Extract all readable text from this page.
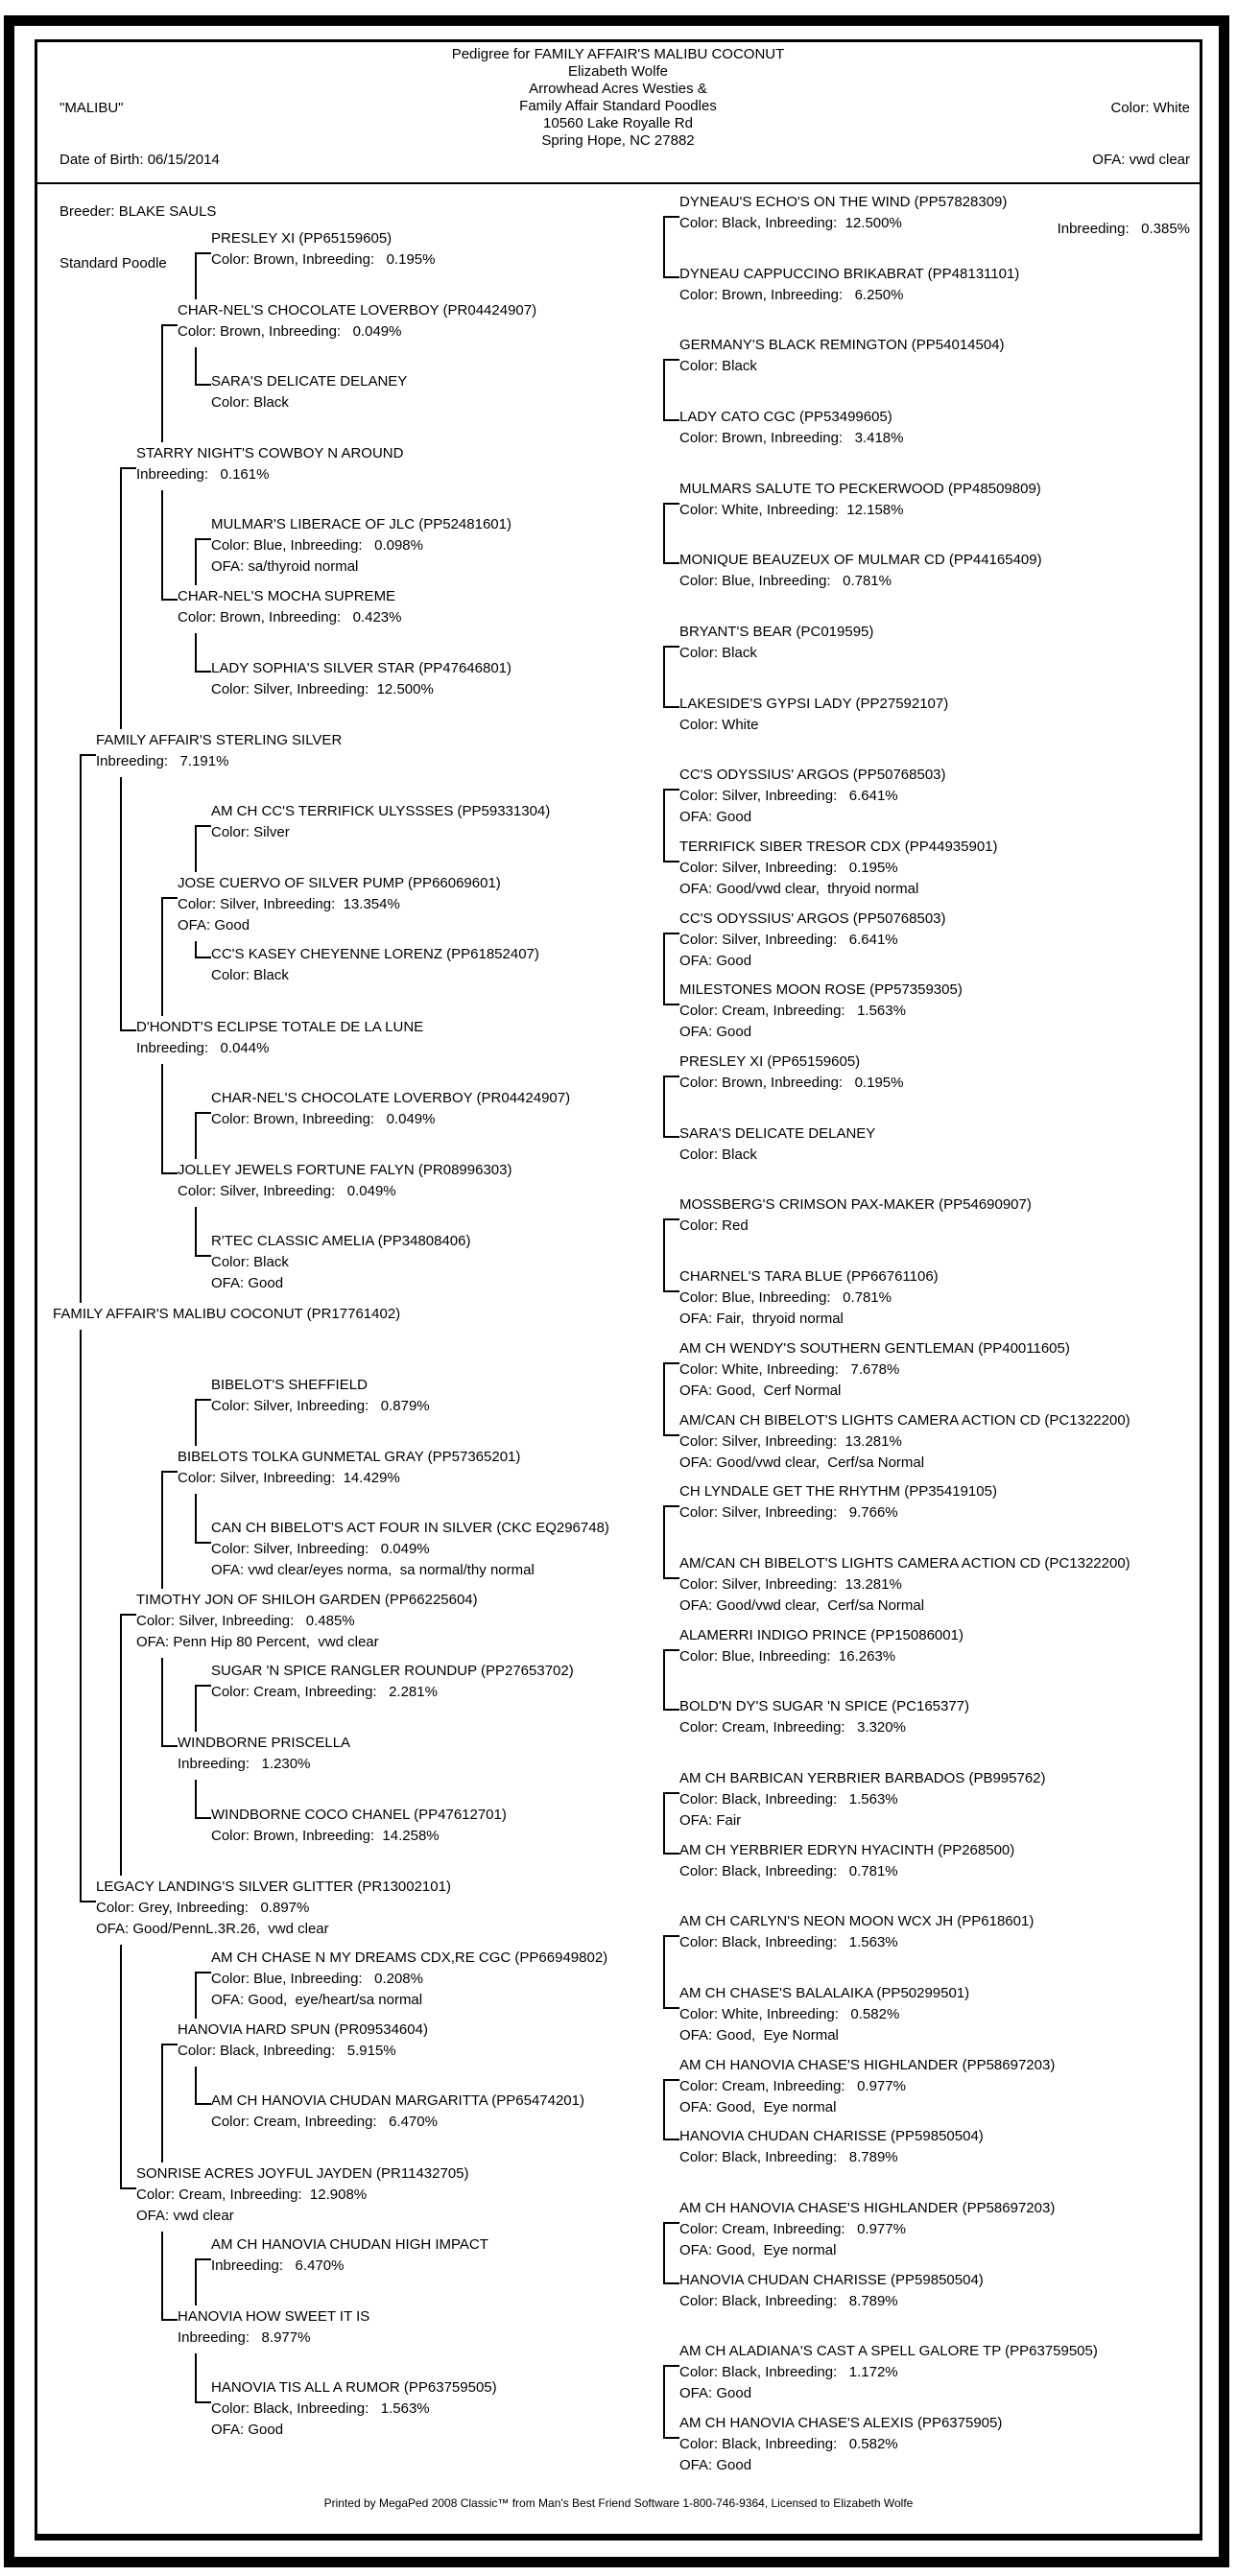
Pedigree for FAMILY AFFAIR'S MALIBU COCONUT
Elizabeth Wolfe
Arrowhead Acres Westies &
Family Affair Standard Poodles
10560 Lake Royalle Rd
Spring Hope, NC 27882

"MALIBU"

Date of Birth: 06/15/2014

Breeder: BLAKE SAULS

Standard Poodle

Color: White

OFA: vwd clear

Inbreeding:   0.385%

DYNEAU'S ECHO'S ON THE WIND (PP57828309)
Color: Black, Inbreeding:  12.500%
DYNEAU CAPPUCCINO BRIKABRAT (PP48131101)
Color: Brown, Inbreeding:   6.250%
GERMANY'S BLACK REMINGTON (PP54014504)
Color: Black
LADY CATO CGC (PP53499605)
Color: Brown, Inbreeding:   3.418%
MULMARS SALUTE TO PECKERWOOD (PP48509809)
Color: White, Inbreeding:  12.158%
MONIQUE BEAUZEUX OF MULMAR CD (PP44165409)
Color: Blue, Inbreeding:   0.781%
BRYANT'S BEAR (PC019595)
Color: Black
LAKESIDE'S GYPSI LADY (PP27592107)
Color: White
CC'S ODYSSIUS' ARGOS (PP50768503)
Color: Silver, Inbreeding:   6.641%
OFA: Good
TERRIFICK SIBER TRESOR CDX (PP44935901)
Color: Silver, Inbreeding:   0.195%
OFA: Good/vwd clear,  thryoid normal
CC'S ODYSSIUS' ARGOS (PP50768503)
Color: Silver, Inbreeding:   6.641%
OFA: Good
MILESTONES MOON ROSE (PP57359305)
Color: Cream, Inbreeding:   1.563%
OFA: Good
PRESLEY XI (PP65159605)
Color: Brown, Inbreeding:   0.195%
SARA'S DELICATE DELANEY
Color: Black
MOSSBERG'S CRIMSON PAX-MAKER (PP54690907)
Color: Red
CHARNEL'S TARA BLUE (PP66761106)
Color: Blue, Inbreeding:   0.781%
OFA: Fair,  thryoid normal
AM CH WENDY'S SOUTHERN GENTLEMAN (PP40011605)
Color: White, Inbreeding:   7.678%
OFA: Good,  Cerf Normal
AM/CAN CH BIBELOT'S LIGHTS CAMERA ACTION CD (PC1322200)
Color: Silver, Inbreeding:  13.281%
OFA: Good/vwd clear,  Cerf/sa Normal
CH LYNDALE GET THE RHYTHM (PP35419105)
Color: Silver, Inbreeding:   9.766%
AM/CAN CH BIBELOT'S LIGHTS CAMERA ACTION CD (PC1322200)
Color: Silver, Inbreeding:  13.281%
OFA: Good/vwd clear,  Cerf/sa Normal
ALAMERRI INDIGO PRINCE (PP15086001)
Color: Blue, Inbreeding:  16.263%
BOLD'N DY'S SUGAR 'N SPICE (PC165377)
Color: Cream, Inbreeding:   3.320%
AM CH BARBICAN YERBRIER BARBADOS (PB995762)
Color: Black, Inbreeding:   1.563%
OFA: Fair
AM CH YERBRIER EDRYN HYACINTH (PP268500)
Color: Black, Inbreeding:   0.781%
AM CH CARLYN'S NEON MOON WCX JH (PP618601)
Color: Black, Inbreeding:   1.563%
AM CH CHASE'S BALALAIKA (PP50299501)
Color: White, Inbreeding:   0.582%
OFA: Good,  Eye Normal
AM CH HANOVIA CHASE'S HIGHLANDER (PP58697203)
Color: Cream, Inbreeding:   0.977%
OFA: Good,  Eye normal
HANOVIA CHUDAN CHARISSE (PP59850504)
Color: Black, Inbreeding:   8.789%
AM CH HANOVIA CHASE'S HIGHLANDER (PP58697203)
Color: Cream, Inbreeding:   0.977%
OFA: Good,  Eye normal
HANOVIA CHUDAN CHARISSE (PP59850504)
Color: Black, Inbreeding:   8.789%
AM CH ALADIANA'S CAST A SPELL GALORE TP (PP63759505)
Color: Black, Inbreeding:   1.172%
OFA: Good
AM CH HANOVIA CHASE'S ALEXIS (PP6375905)
Color: Black, Inbreeding:   0.582%
OFA: Good
PRESLEY XI (PP65159605)
Color: Brown, Inbreeding:   0.195%
SARA'S DELICATE DELANEY
Color: Black
MULMAR'S LIBERACE OF JLC (PP52481601)
Color: Blue, Inbreeding:   0.098%
OFA: sa/thyroid normal
LADY SOPHIA'S SILVER STAR (PP47646801)
Color: Silver, Inbreeding:  12.500%
AM CH CC'S TERRIFICK ULYSSSES (PP59331304)
Color: Silver
CC'S KASEY CHEYENNE LORENZ (PP61852407)
Color: Black
CHAR-NEL'S CHOCOLATE LOVERBOY (PR04424907)
Color: Brown, Inbreeding:   0.049%
R'TEC CLASSIC AMELIA (PP34808406)
Color: Black
OFA: Good
BIBELOT'S SHEFFIELD
Color: Silver, Inbreeding:   0.879%
CAN CH BIBELOT'S ACT FOUR IN SILVER (CKC EQ296748)
Color: Silver, Inbreeding:   0.049%
OFA: vwd clear/eyes norma,  sa normal/thy normal
SUGAR 'N SPICE RANGLER ROUNDUP (PP27653702)
Color: Cream, Inbreeding:   2.281%
WINDBORNE COCO CHANEL (PP47612701)
Color: Brown, Inbreeding:  14.258%
AM CH CHASE N MY DREAMS CDX,RE CGC (PP66949802)
Color: Blue, Inbreeding:   0.208%
OFA: Good,  eye/heart/sa normal
AM CH HANOVIA CHUDAN MARGARITTA (PP65474201)
Color: Cream, Inbreeding:   6.470%
AM CH HANOVIA CHUDAN HIGH IMPACT
Inbreeding:   6.470%
HANOVIA TIS ALL A RUMOR (PP63759505)
Color: Black, Inbreeding:   1.563%
OFA: Good
CHAR-NEL'S CHOCOLATE LOVERBOY (PR04424907)
Color: Brown, Inbreeding:   0.049%
CHAR-NEL'S MOCHA SUPREME
Color: Brown, Inbreeding:   0.423%
JOSE CUERVO OF SILVER PUMP (PP66069601)
Color: Silver, Inbreeding:  13.354%
OFA: Good
JOLLEY JEWELS FORTUNE FALYN (PR08996303)
Color: Silver, Inbreeding:   0.049%
BIBELOTS TOLKA GUNMETAL GRAY (PP57365201)
Color: Silver, Inbreeding:  14.429%
WINDBORNE PRISCELLA
Inbreeding:   1.230%
HANOVIA HARD SPUN (PR09534604)
Color: Black, Inbreeding:   5.915%
HANOVIA HOW SWEET IT IS
Inbreeding:   8.977%
STARRY NIGHT'S COWBOY N AROUND
Inbreeding:   0.161%
D'HONDT'S ECLIPSE TOTALE DE LA LUNE
Inbreeding:   0.044%
TIMOTHY JON OF SHILOH GARDEN (PP66225604)
Color: Silver, Inbreeding:   0.485%
OFA: Penn Hip 80 Percent,  vwd clear
SONRISE ACRES JOYFUL JAYDEN (PR11432705)
Color: Cream, Inbreeding:  12.908%
OFA: vwd clear
FAMILY AFFAIR'S STERLING SILVER
Inbreeding:   7.191%
LEGACY LANDING'S SILVER GLITTER (PR13002101)
Color: Grey, Inbreeding:   0.897%
OFA: Good/PennL.3R.26,  vwd clear
FAMILY AFFAIR'S MALIBU COCONUT (PR17761402)
Printed by MegaPed 2008 Classic™ from Man's Best Friend Software 1-800-746-9364, Licensed to Elizabeth Wolfe
